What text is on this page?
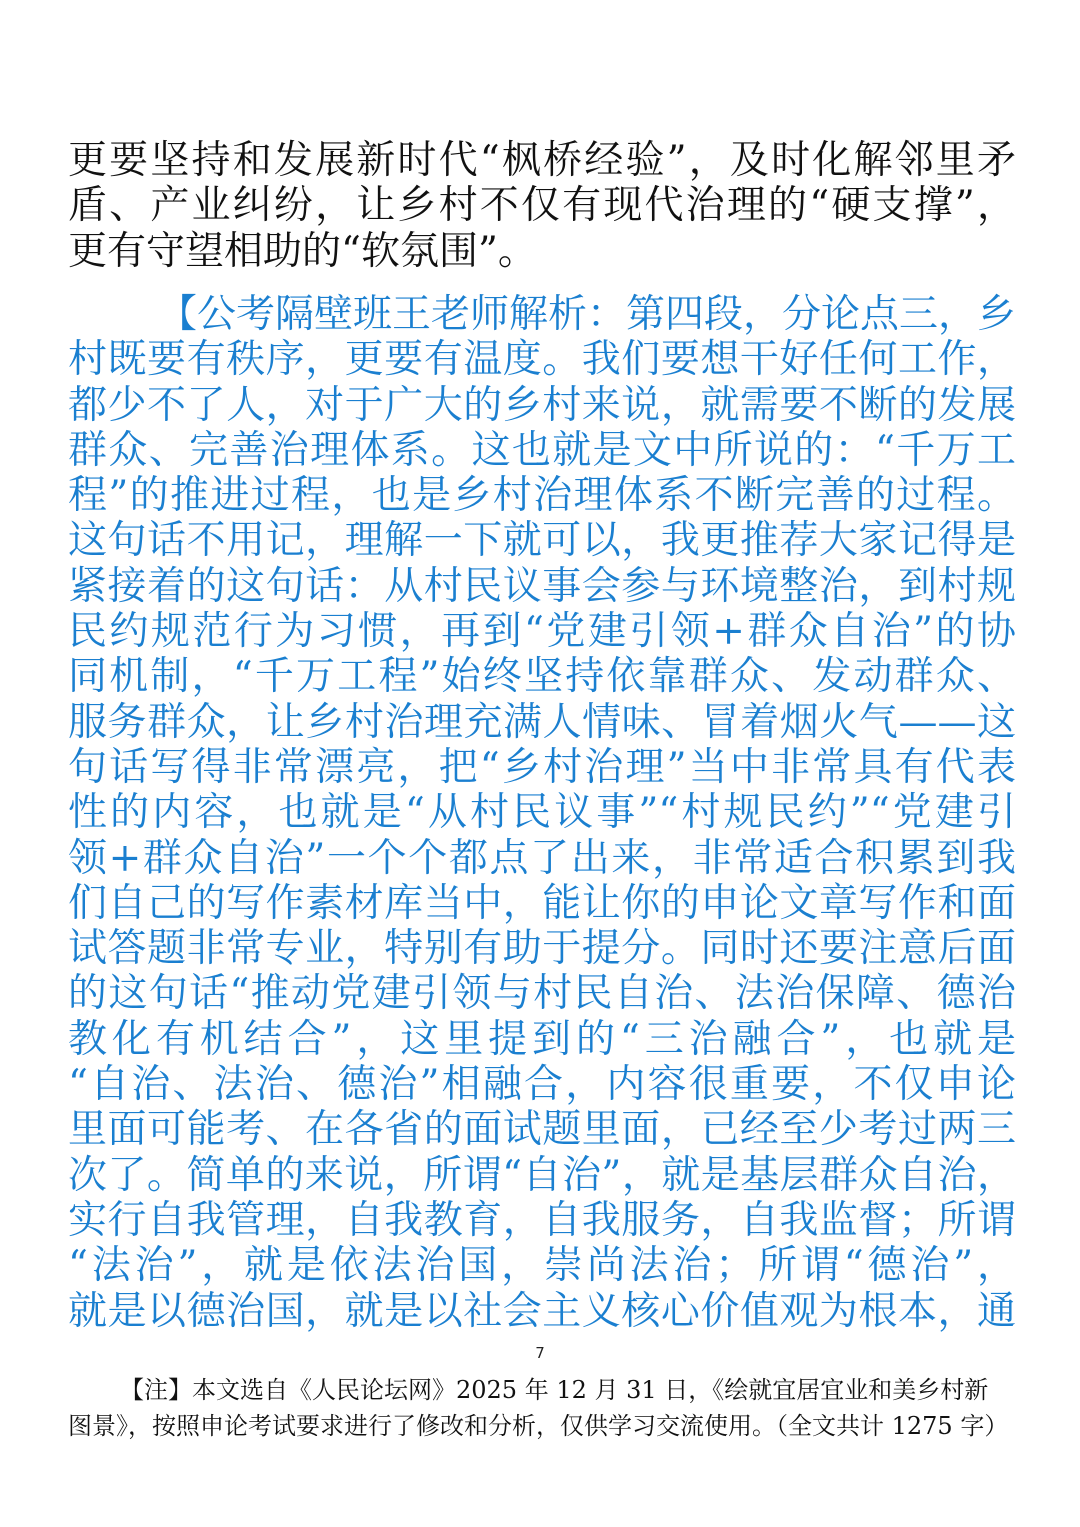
更要坚持和发展新时代“枫桥经验”，及时化解邻里矛
盾、产业纠纷，让乡村不仅有现代治理的“硬支撑”，
更有守望相助的“软氛围”。
【公考隔壁班王老师解析：第四段，分论点三，乡
村既要有秩序，更要有温度。我们要想干好任何工作，
都少不了人，对于广大的乡村来说，就需要不断的发展
群众、完善治理体系。这也就是文中所说的：“千万工
程”的推进过程，也是乡村治理体系不断完善的过程。
这句话不用记，理解一下就可以，我更推荐大家记得是
紧接着的这句话：从村民议事会参与环境整治，到村规
民约规范行为习惯，再到“党建引领+群众自治”的协
同机制，“千万工程”始终坚持依靠群众、发动群众、
服务群众，让乡村治理充满人情味、冒着烟火气——这
句话写得非常漂亮，把“乡村治理”当中非常具有代表
性的内容，也就是“从村民议事”“村规民约”“党建引
领+群众自治”一个个都点了出来，非常适合积累到我
们自己的写作素材库当中，能让你的申论文章写作和面
试答题非常专业，特别有助于提分。同时还要注意后面
的这句话“推动党建引领与村民自治、法治保障、德治
教化有机结合”，这里提到的“三治融合”，也就是
“自治、法治、德治”相融合，内容很重要，不仅申论
里面可能考、在各省的面试题里面，已经至少考过两三
次了。简单的来说，所谓“自治”，就是基层群众自治，
实行自我管理，自我教育，自我服务，自我监督；所谓
“法治”，就是依法治国，崇尚法治；所谓“德治”，
就是以德治国，就是以社会主义核心价值观为根本，通
7
【注】本文选自《人民论坛网》2025 年 12 月 31 日，《绘就宜居宜业和美乡村新
图景》，按照申论考试要求进行了修改和分析，仅供学习交流使用。（全文共计 1275 字）
